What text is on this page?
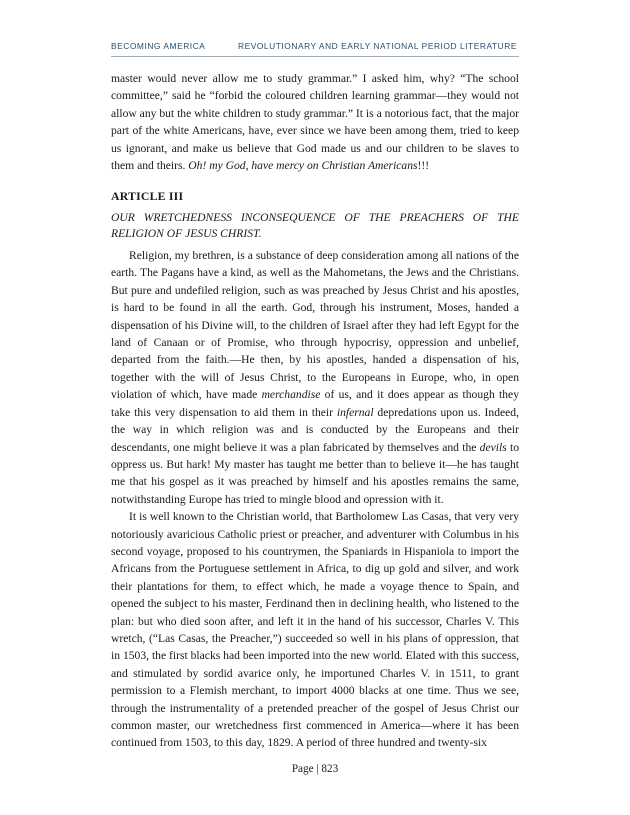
BECOMING AMERICA	REVOLUTIONARY AND EARLY NATIONAL PERIOD LITERATURE

master would never allow me to study grammar.” I asked him, why? “The school committee,” said he “forbid the coloured children learning grammar—they would not allow any but the white children to study grammar.” It is a notorious fact, that the major part of the white Americans, have, ever since we have been among them, tried to keep us ignorant, and make us believe that God made us and our children to be slaves to them and theirs. Oh! my God, have mercy on Christian Americans!!!

ARTICLE III

OUR WRETCHEDNESS INCONSEQUENCE OF THE PREACHERS OF THE RELIGION OF JESUS CHRIST.

Religion, my brethren, is a substance of deep consideration among all nations of the earth. The Pagans have a kind, as well as the Mahometans, the Jews and the Christians. But pure and undefiled religion, such as was preached by Jesus Christ and his apostles, is hard to be found in all the earth. God, through his instrument, Moses, handed a dispensation of his Divine will, to the children of Israel after they had left Egypt for the land of Canaan or of Promise, who through hypocrisy, oppression and unbelief, departed from the faith.—He then, by his apostles, handed a dispensation of his, together with the will of Jesus Christ, to the Europeans in Europe, who, in open violation of which, have made merchandise of us, and it does appear as though they take this very dispensation to aid them in their infernal depredations upon us. Indeed, the way in which religion was and is conducted by the Europeans and their descendants, one might believe it was a plan fabricated by themselves and the devils to oppress us. But hark! My master has taught me better than to believe it—he has taught me that his gospel as it was preached by himself and his apostles remains the same, notwithstanding Europe has tried to mingle blood and opression with it.

It is well known to the Christian world, that Bartholomew Las Casas, that very very notoriously avaricious Catholic priest or preacher, and adventurer with Columbus in his second voyage, proposed to his countrymen, the Spaniards in Hispaniola to import the Africans from the Portuguese settlement in Africa, to dig up gold and silver, and work their plantations for them, to effect which, he made a voyage thence to Spain, and opened the subject to his master, Ferdinand then in declining health, who listened to the plan: but who died soon after, and left it in the hand of his successor, Charles V. This wretch, (“Las Casas, the Preacher,”) succeeded so well in his plans of oppression, that in 1503, the first blacks had been imported into the new world. Elated with this success, and stimulated by sordid avarice only, he importuned Charles V. in 1511, to grant permission to a Flemish merchant, to import 4000 blacks at one time. Thus we see, through the instrumentality of a pretended preacher of the gospel of Jesus Christ our common master, our wretchedness first commenced in America—where it has been continued from 1503, to this day, 1829. A period of three hundred and twenty-six

Page | 823
